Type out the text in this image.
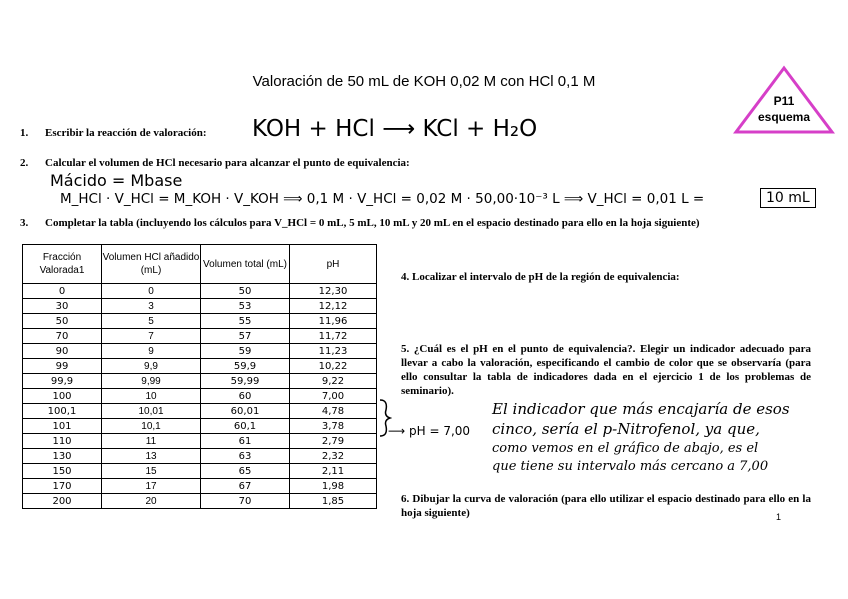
Valoración de 50 mL de KOH 0,02 M con HCl 0,1 M
P11
esquema
1. Escribir la reacción de valoración: KOH + HCl ⟶ KCl + H₂O
2. Calcular el volumen de HCl necesario para alcanzar el punto de equivalencia:
Mácido = Mbase
M_HCl · V_HCl = M_KOH · V_KOH ⟹ 0,1 M · V_HCl = 0,02 M · 50,00·10⁻³ L ⟹ V_HCl = 0,01 L =	10 mL
3. Completar la tabla (incluyendo los cálculos para V_HCl = 0 mL, 5 mL, 10 mL y 20 mL en el espacio destinado para ello en la hoja siguiente)
Fracción Valorada1	Volumen HCl añadido (mL)	Volumen total (mL)	pH
0	0	50	12,30
30	3	53	12,12
50	5	55	11,96
70	7	57	11,72
90	9	59	11,23
99	9,9	59,9	10,22
99,9	9,99	59,99	9,22
100	10	60	7,00
100,1	10,01	60,01	4,78
101	10,1	60,1	3,78
110	11	61	2,79
130	13	63	2,32
150	15	65	2,11
170	17	67	1,98
200	20	70	1,85
4. Localizar el intervalo de pH de la región de equivalencia:
5. ¿Cuál es el pH en el punto de equivalencia?. Elegir un indicador adecuado para llevar a cabo la valoración, especificando el cambio de color que se observaría (para ello consultar la tabla de indicadores dada en el ejercicio 1 de los problemas de seminario).
⟶ pH = 7,00
El indicador que más encajaría de esos
cinco, sería el p-Nitrofenol, ya que,
como vemos en el gráfico de abajo, es el
que tiene su intervalo más cercano a 7,00
6. Dibujar la curva de valoración (para ello utilizar el espacio destinado para ello en la hoja siguiente)	1
